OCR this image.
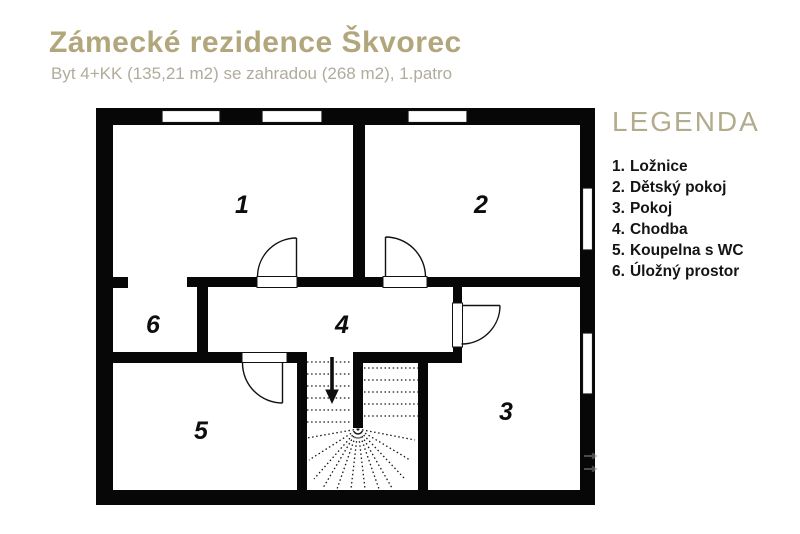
Zámecké rezidence Škvorec
Byt 4+KK (135,21 m2) se zahradou (268 m2), 1.patro
1	2
3
4
5
6
LEGENDA
1. Ložnice
2. Dětský pokoj
3. Pokoj
4. Chodba
5. Koupelna s WC
6. Úložný prostor
